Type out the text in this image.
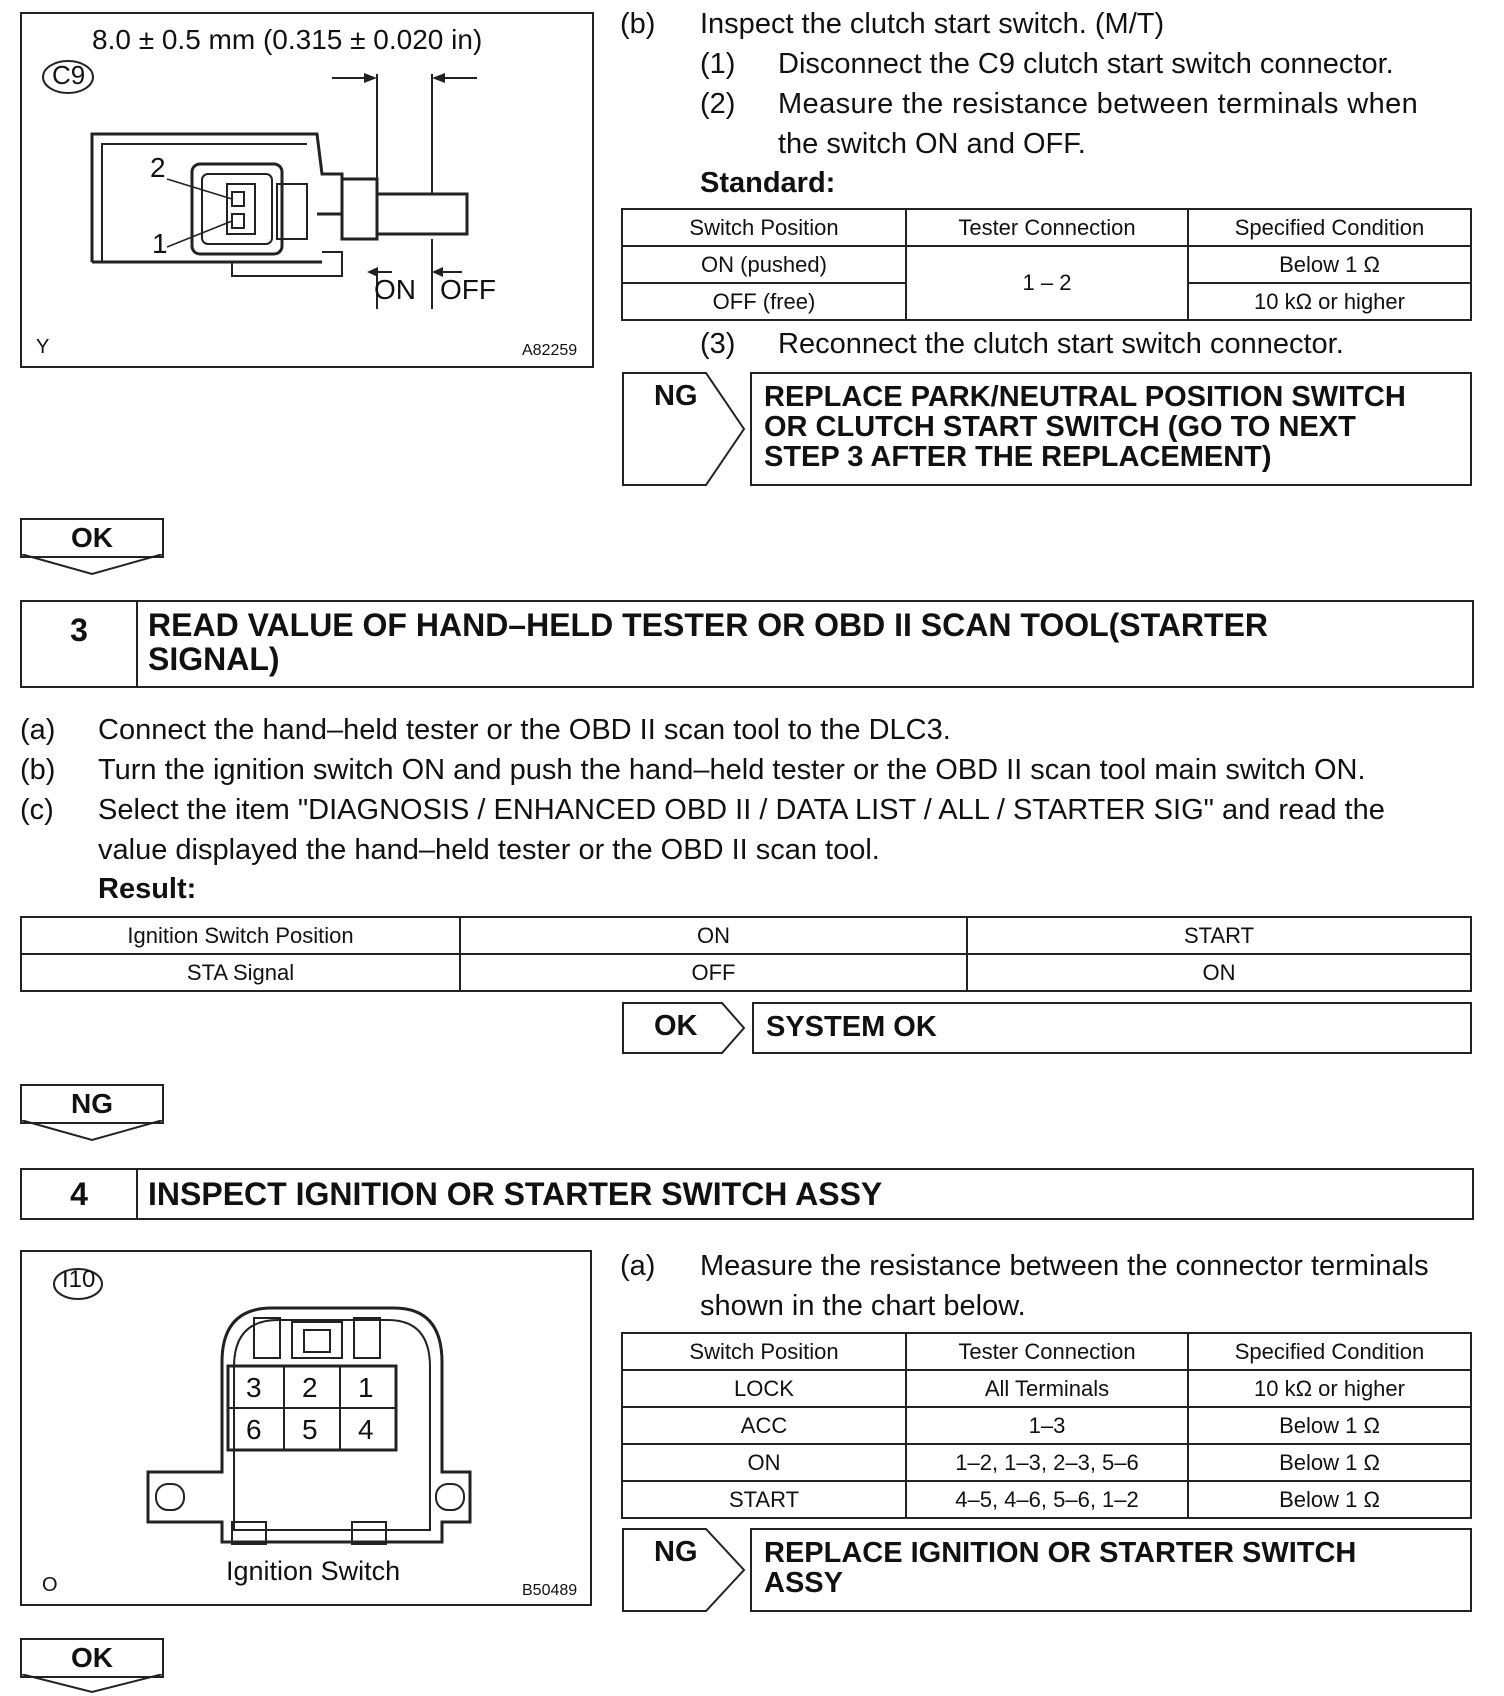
8.0 ± 0.5 mm (0.315 ± 0.020 in)
C9
2
1
ON OFF
Y	A82259
(b) Inspect the clutch start switch. (M/T)
(1) Disconnect the C9 clutch start switch connector.
(2) Measure the resistance between terminals when
the switch ON and OFF.
Standard:
Switch Position	Tester Connection	Specified Condition
ON (pushed)	1 – 2	Below 1 Ω
OFF (free)		10 kΩ or higher
(3) Reconnect the clutch start switch connector.
NG REPLACE PARK/NEUTRAL POSITION SWITCH
OR CLUTCH START SWITCH (GO TO NEXT
STEP 3 AFTER THE REPLACEMENT)
OK
3	READ VALUE OF HAND–HELD TESTER OR OBD II SCAN TOOL(STARTER
SIGNAL)
(a) Connect the hand–held tester or the OBD II scan tool to the DLC3.
(b) Turn the ignition switch ON and push the hand–held tester or the OBD II scan tool main switch ON.
(c) Select the item "DIAGNOSIS / ENHANCED OBD II / DATA LIST / ALL / STARTER SIG" and read the
value displayed the hand–held tester or the OBD II scan tool.
Result:
Ignition Switch Position	ON	START
STA Signal	OFF	ON
OK SYSTEM OK
NG
4	INSPECT IGNITION OR STARTER SWITCH ASSY
I10
3 2 1
6 5 4
Ignition Switch
O	B50489
(a) Measure the resistance between the connector terminals
shown in the chart below.
Switch Position	Tester Connection	Specified Condition
LOCK	All Terminals	10 kΩ or higher
ACC	1–3	Below 1 Ω
ON	1–2, 1–3, 2–3, 5–6	Below 1 Ω
START	4–5, 4–6, 5–6, 1–2	Below 1 Ω
NG REPLACE IGNITION OR STARTER SWITCH
ASSY
OK
